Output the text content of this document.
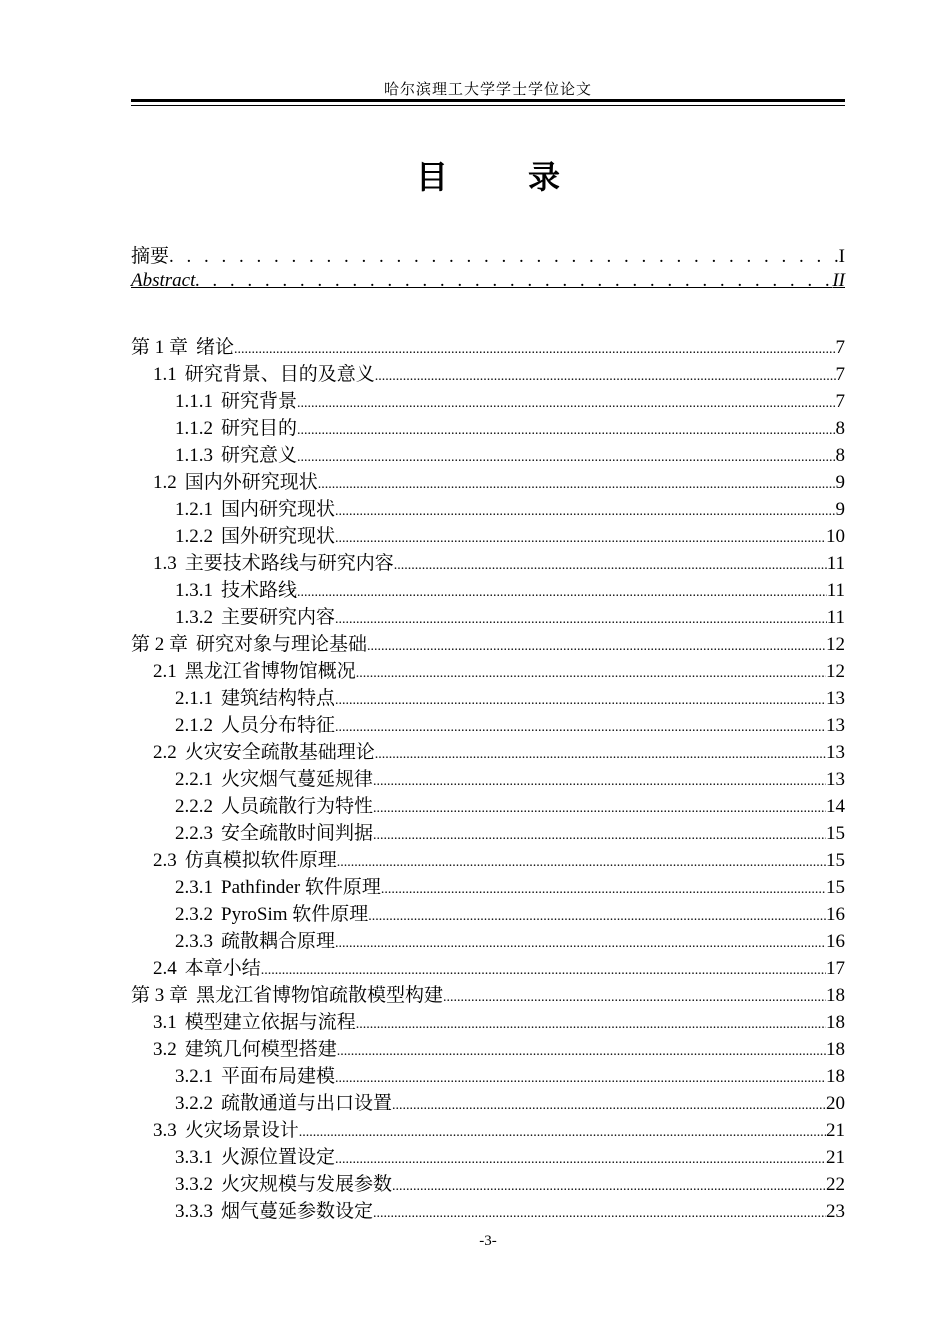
哈尔滨理工大学学士学位论文
目	录
摘要 . . .	I
Abstract . . .	II
第 1 章 绪论 .....	7
1.1 研究背景、目的及意义 .....	7
1.1.1 研究背景 .....	7
1.1.2 研究目的 .....	8
1.1.3 研究意义 .....	8
1.2 国内外研究现状 .....	9
1.2.1 国内研究现状 .....	9
1.2.2 国外研究现状 .....	10
1.3 主要技术路线与研究内容 .....	11
1.3.1 技术路线 .....	11
1.3.2 主要研究内容 .....	11
第 2 章 研究对象与理论基础 .....	12
2.1 黑龙江省博物馆概况 .....	12
2.1.1 建筑结构特点 .....	13
2.1.2 人员分布特征 .....	13
2.2 火灾安全疏散基础理论 .....	13
2.2.1 火灾烟气蔓延规律 .....	13
2.2.2 人员疏散行为特性 .....	14
2.2.3 安全疏散时间判据 .....	15
2.3 仿真模拟软件原理 .....	15
2.3.1 Pathfinder 软件原理 .....	15
2.3.2 PyroSim 软件原理 .....	16
2.3.3 疏散耦合原理 .....	16
2.4 本章小结 .....	17
第 3 章 黑龙江省博物馆疏散模型构建 .....	18
3.1 模型建立依据与流程 .....	18
3.2 建筑几何模型搭建 .....	18
3.2.1 平面布局建模 .....	18
3.2.2 疏散通道与出口设置 .....	20
3.3 火灾场景设计 .....	21
3.3.1 火源位置设定 .....	21
3.3.2 火灾规模与发展参数 .....	22
3.3.3 烟气蔓延参数设定 .....	23
-3-
